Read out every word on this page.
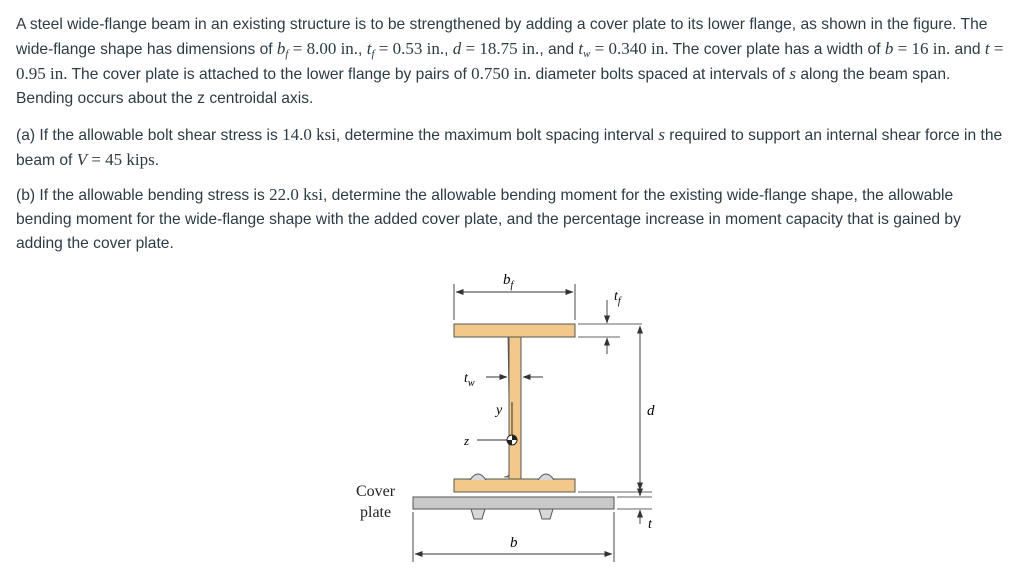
A steel wide-flange beam in an existing structure is to be strengthened by adding a cover plate to its lower flange, as shown in the figure. The wide-flange shape has dimensions of $b_f = 8.00$ in., $t_f = 0.53$ in., d = 18.75 in., and $t_w = 0.340$ in. The cover plate has a width of b = 16 in. and t = 0.95 in. The cover plate is attached to the lower flange by pairs of 0.750 in. diameter bolts spaced at intervals of s along the beam span. Bending occurs about the z centroidal axis.

(a) If the allowable bolt shear stress is 14.0 ksi, determine the maximum bolt spacing interval s required to support an internal shear force in the beam of V = 45 kips.

(b) If the allowable bending stress is 22.0 ksi, determine the allowable bending moment for the existing wide-flange shape, the allowable bending moment for the wide-flange shape with the added cover plate, and the percentage increase in moment capacity that is gained by adding the cover plate.

$b_f$
y
z
$t_w$
$t_f$
d
t
b
Cover
plate
